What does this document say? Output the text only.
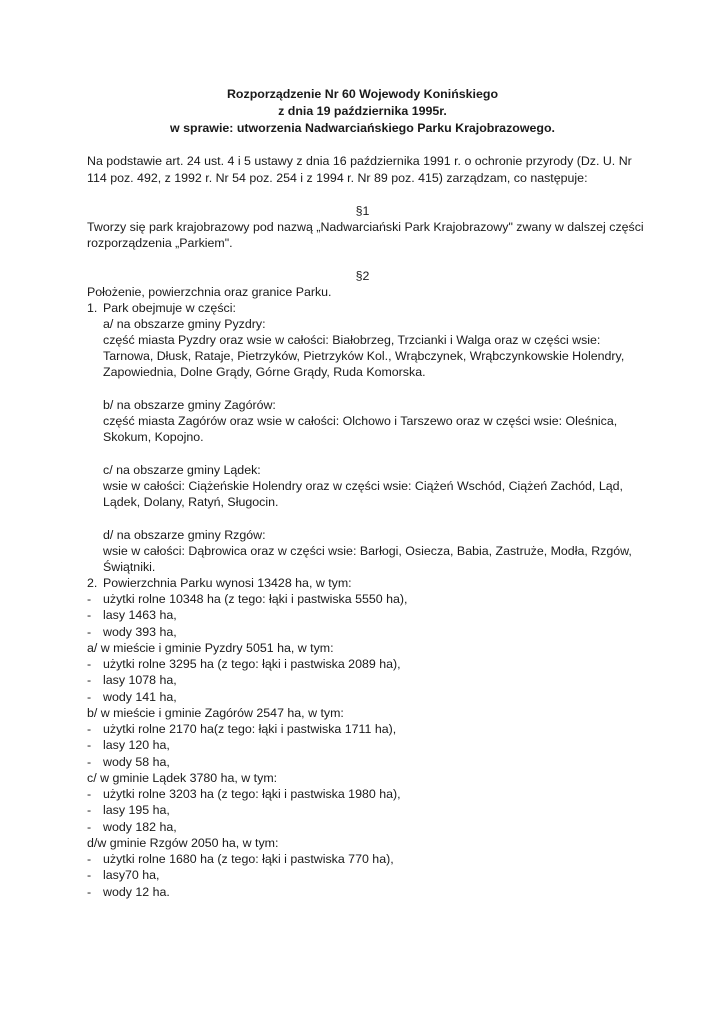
Rozporządzenie Nr 60 Wojewody Konińskiego
z dnia 19 października 1995r.
w sprawie: utworzenia Nadwarciańskiego Parku Krajobrazowego.
Na podstawie art. 24 ust. 4 i 5 ustawy z dnia 16 października 1991 r. o ochronie przyrody (Dz. U. Nr
114 poz. 492, z 1992 r. Nr 54 poz. 254 i z 1994 r. Nr 89 poz. 415) zarządzam, co następuje:
§1
Tworzy się park krajobrazowy pod nazwą „Nadwarciański Park Krajobrazowy" zwany w dalszej części
rozporządzenia „Parkiem".
§2
Położenie, powierzchnia oraz granice Parku.
1. Park obejmuje w części:
a/ na obszarze gminy Pyzdry:
część miasta Pyzdry oraz wsie w całości: Białobrzeg, Trzcianki i Walga oraz w części wsie:
Tarnowa, Dłusk, Rataje, Pietrzyków, Pietrzyków Kol., Wrąbczynek, Wrąbczynkowskie Holendry,
Zapowiednia, Dolne Grądy, Górne Grądy, Ruda Komorska.
b/ na obszarze gminy Zagórów:
część miasta Zagórów oraz wsie w całości: Olchowo i Tarszewo oraz w części wsie: Oleśnica,
Skokum, Kopojno.
c/ na obszarze gminy Lądek:
wsie w całości: Ciążeńskie Holendry oraz w części wsie: Ciążeń Wschód, Ciążeń Zachód, Ląd,
Lądek, Dolany, Ratyń, Sługocin.
d/ na obszarze gminy Rzgów:
wsie w całości: Dąbrowica oraz w części wsie: Barłogi, Osiecza, Babia, Zastruże, Modła, Rzgów,
Świątniki.
2. Powierzchnia Parku wynosi 13428 ha, w tym:
- użytki rolne 10348 ha (z tego: łąki i pastwiska 5550 ha),
- lasy 1463 ha,
- wody 393 ha,
a/ w mieście i gminie Pyzdry 5051 ha, w tym:
- użytki rolne 3295 ha (z tego: łąki i pastwiska 2089 ha),
- lasy 1078 ha,
- wody 141 ha,
b/ w mieście i gminie Zagórów 2547 ha, w tym:
- użytki rolne 2170 ha(z tego: łąki i pastwiska 1711 ha),
- lasy 120 ha,
- wody 58 ha,
c/ w gminie Lądek 3780 ha, w tym:
- użytki rolne 3203 ha (z tego: łąki i pastwiska 1980 ha),
- lasy 195 ha,
- wody 182 ha,
d/w gminie Rzgów 2050 ha, w tym:
- użytki rolne 1680 ha (z tego: łąki i pastwiska 770 ha),
- lasy70 ha,
- wody 12 ha.
